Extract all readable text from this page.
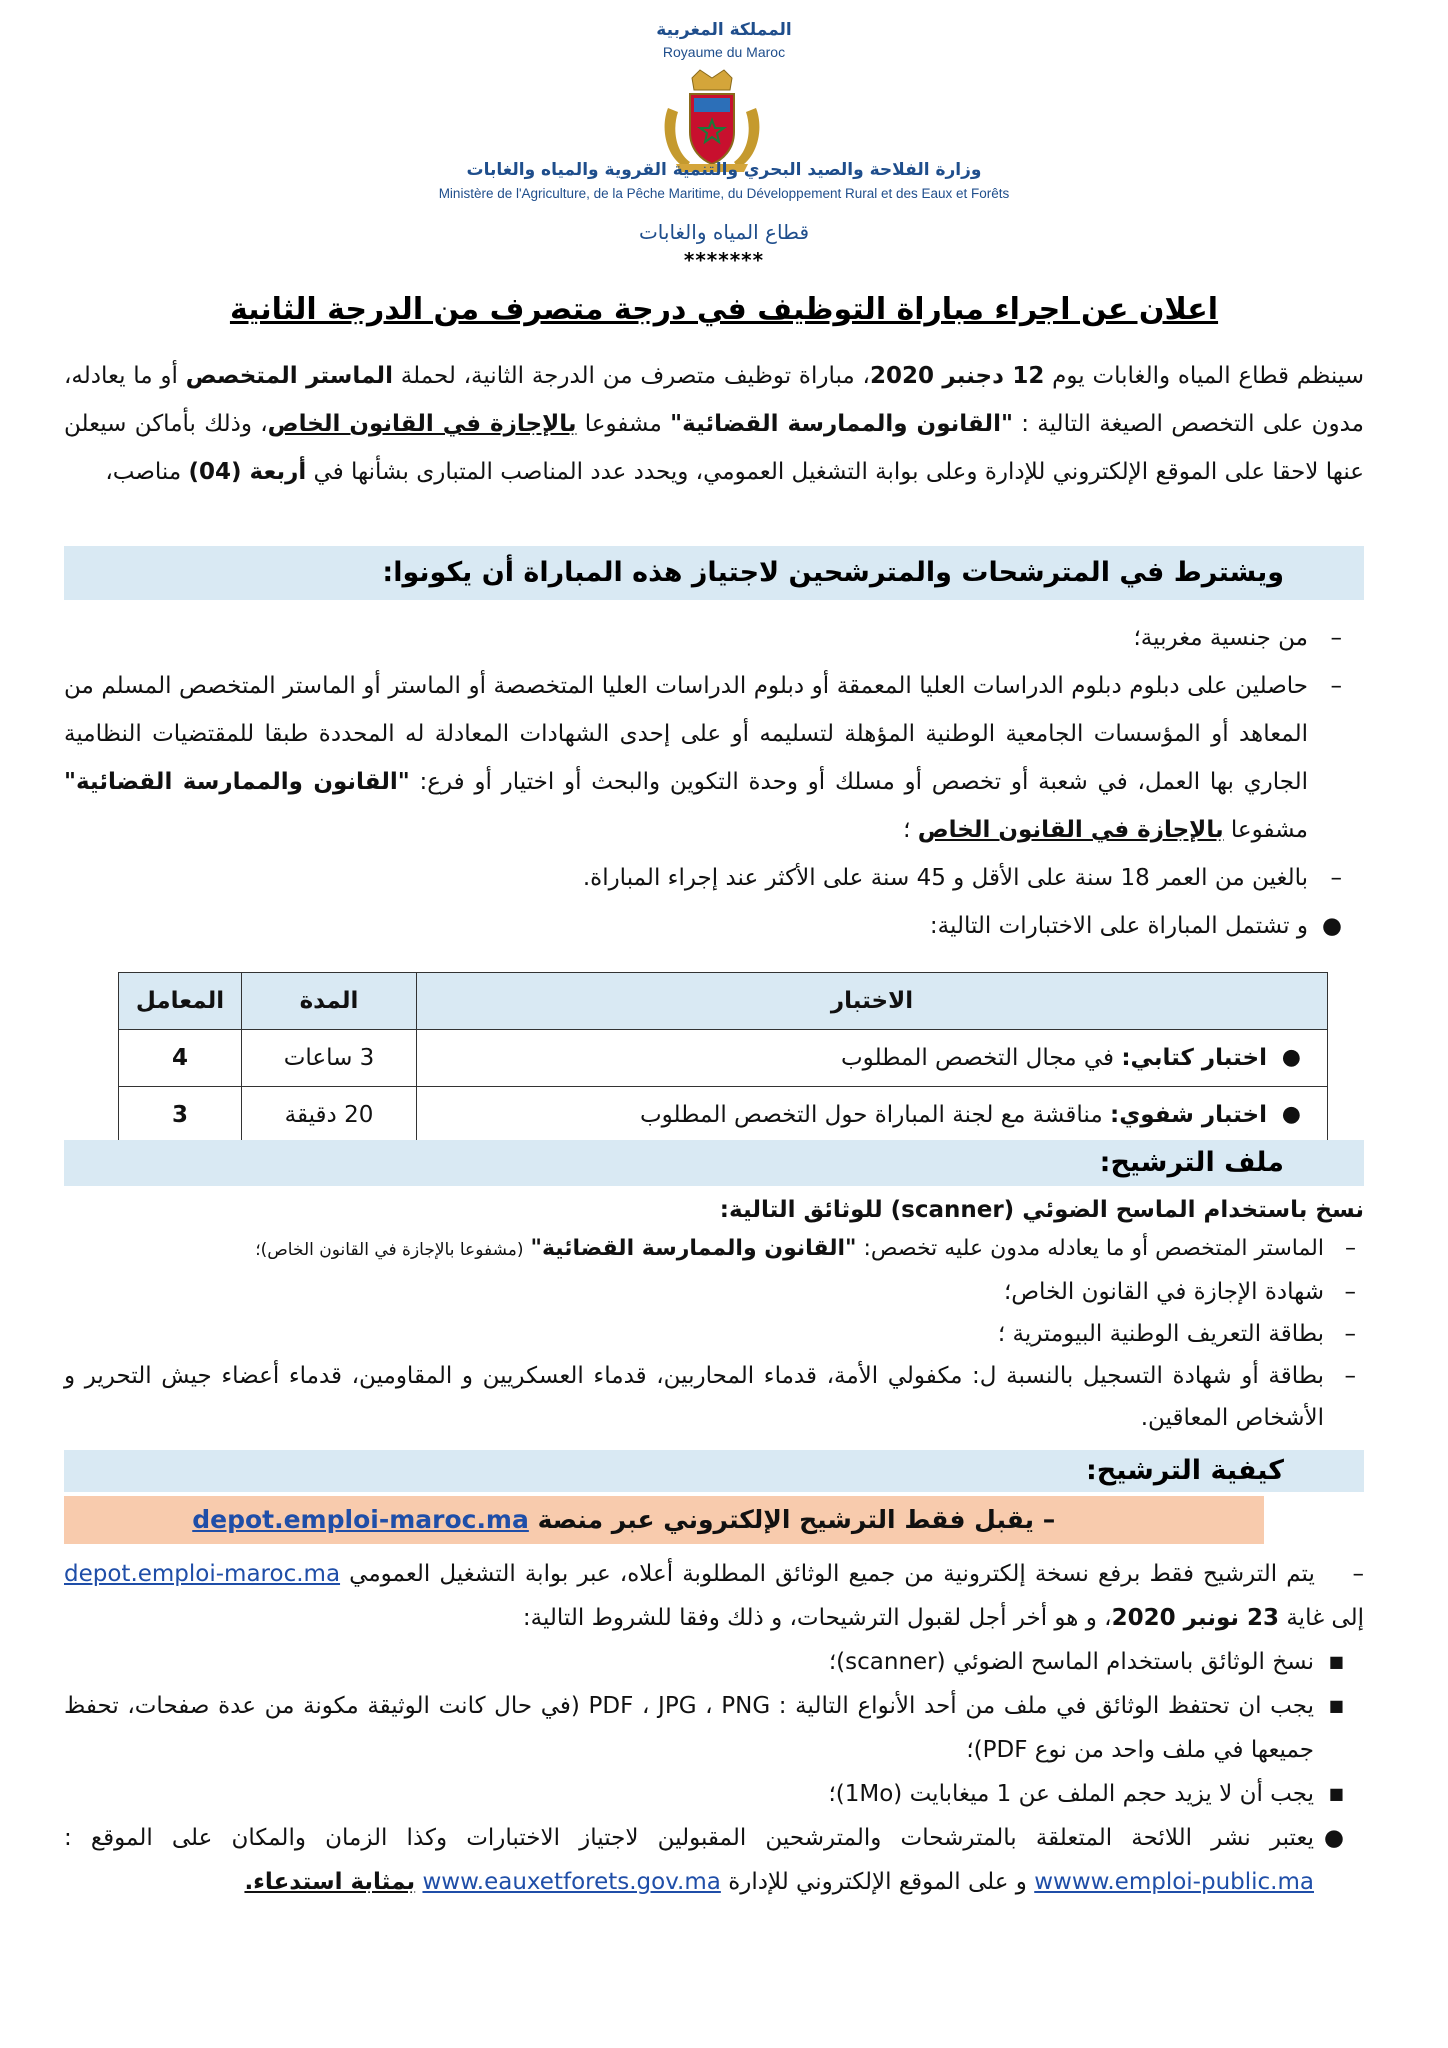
المملكة المغربية
Royaume du Maroc
وزارة الفلاحة والصيد البحري والتنمية القروية والمياه والغابات
Ministère de l'Agriculture, de la Pêche Maritime, du Développement Rural et des Eaux et Forêts
قطاع المياه والغابات
*******
اعلان عن اجراء مباراة التوظيف في درجة متصرف من الدرجة الثانية
سينظم قطاع المياه والغابات يوم 12 دجنبر 2020، مباراة توظيف متصرف من الدرجة الثانية، لحملة الماستر المتخصص أو ما يعادله، مدون على التخصص الصيغة التالية : "القانون والممارسة القضائية" مشفوعا بالإجازة في القانون الخاص، وذلك بأماكن سيعلن عنها لاحقا على الموقع الإلكتروني للإدارة وعلى بوابة التشغيل العمومي، ويحدد عدد المناصب المتبارى بشأنها في أربعة (04) مناصب،
ويشترط في المترشحات والمترشحين لاجتياز هذه المباراة أن يكونوا:
–
من جنسية مغربية؛
–
حاصلين على دبلوم دبلوم الدراسات العليا المعمقة أو دبلوم الدراسات العليا المتخصصة أو الماستر أو الماستر المتخصص المسلم من المعاهد أو المؤسسات الجامعية الوطنية المؤهلة لتسليمه أو على إحدى الشهادات المعادلة له المحددة طبقا للمقتضيات النظامية الجاري بها العمل، في شعبة أو تخصص أو مسلك أو وحدة التكوين والبحث أو اختيار أو فرع: "القانون والممارسة القضائية" مشفوعا بالإجازة في القانون الخاص ؛
–
بالغين من العمر 18 سنة على الأقل و 45 سنة على الأكثر عند إجراء المباراة.
●
و تشتمل المباراة على الاختبارات التالية:
الاختبار	المدة	المعامل

●
اختبار كتابي: في مجال التخصص المطلوب	3 ساعات	4

●
اختبار شفوي: مناقشة مع لجنة المباراة حول التخصص المطلوب	20 دقيقة	3
ملف الترشيح:
نسخ باستخدام الماسح الضوئي (scanner) للوثائق التالية:
–
الماستر المتخصص أو ما يعادله مدون عليه تخصص: "القانون والممارسة القضائية" (مشفوعا بالإجازة في القانون الخاص)؛
–
شهادة الإجازة في القانون الخاص؛
–
بطاقة التعريف الوطنية البيومترية ؛
–
بطاقة أو شهادة التسجيل بالنسبة ل: مكفولي الأمة، قدماء المحاربين، قدماء العسكريين و المقاومين، قدماء أعضاء جيش التحرير و الأشخاص المعاقين.
كيفية الترشيح:
– يقبل فقط الترشيح الإلكتروني عبر منصة depot.emploi-maroc.ma

– يتم الترشيح فقط برفع نسخة إلكترونية من جميع الوثائق المطلوبة أعلاه، عبر بوابة التشغيل العمومي depot.emploi-maroc.ma إلى غاية 23 نونبر 2020، و هو أخر أجل لقبول الترشيحات، و ذلك وفقا للشروط التالية:

■
نسخ الوثائق باستخدام الماسح الضوئي (scanner)؛
■
يجب ان تحتفظ الوثائق في ملف من أحد الأنواع التالية : PDF ، JPG ، PNG (في حال كانت الوثيقة مكونة من عدة صفحات، تحفظ جميعها في ملف واحد من نوع PDF)؛
■
يجب أن لا يزيد حجم الملف عن 1 ميغابايت (1Mo)؛
●
يعتبر نشر اللائحة المتعلقة بالمترشحات والمترشحين المقبولين لاجتياز الاختبارات وكذا الزمان والمكان على الموقع : wwww.emploi-public.ma و على الموقع الإلكتروني للإدارة www.eauxetforets.gov.ma بمثابة استدعاء.
